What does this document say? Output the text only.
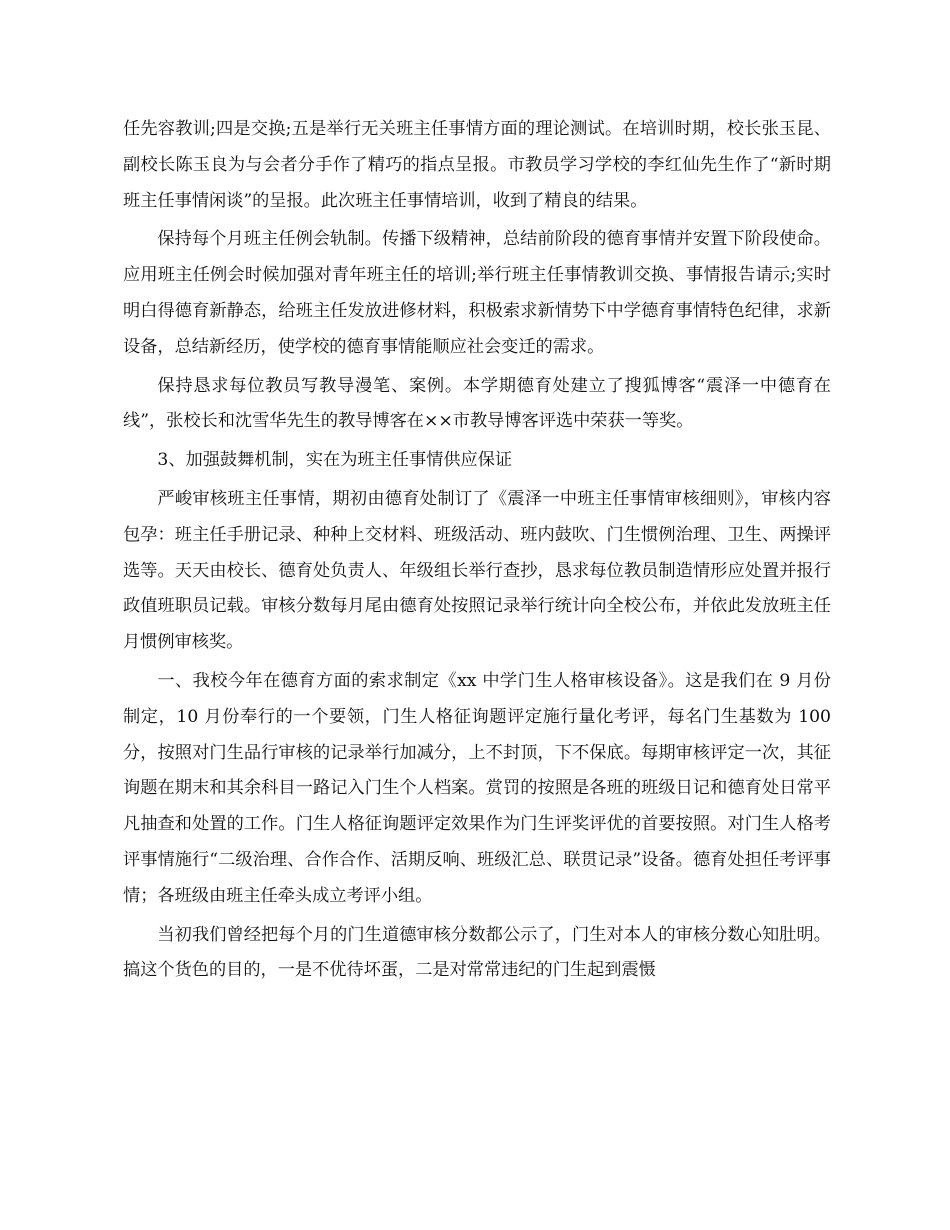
任先容教训;四是交换;五是举行无关班主任事情方面的理论测试。在培训时期，校长张玉昆、副校长陈玉良为与会者分手作了精巧的指点呈报。市教员学习学校的李红仙先生作了“新时期班主任事情闲谈”的呈报。此次班主任事情培训，收到了精良的结果。

保持每个月班主任例会轨制。传播下级精神，总结前阶段的德育事情并安置下阶段使命。应用班主任例会时候加强对青年班主任的培训;举行班主任事情教训交换、事情报告请示;实时明白得德育新静态，给班主任发放进修材料，积极索求新情势下中学德育事情特色纪律，求新设备，总结新经历，使学校的德育事情能顺应社会变迁的需求。

保持恳求每位教员写教导漫笔、案例。本学期德育处建立了搜狐博客“震泽一中德育在线”，张校长和沈雪华先生的教导博客在××市教导博客评选中荣获一等奖。

3、加强鼓舞机制，实在为班主任事情供应保证

严峻审核班主任事情，期初由德育处制订了《震泽一中班主任事情审核细则》，审核内容包孕：班主任手册记录、种种上交材料、班级活动、班内鼓吹、门生惯例治理、卫生、两操评选等。天天由校长、德育处负责人、年级组长举行查抄，恳求每位教员制造情形应处置并报行政值班职员记载。审核分数每月尾由德育处按照记录举行统计向全校公布，并依此发放班主任月惯例审核奖。

一、我校今年在德育方面的索求制定《xx 中学门生人格审核设备》。这是我们在 9 月份制定，10 月份奉行的一个要领，门生人格征询题评定施行量化考评，每名门生基数为 100 分，按照对门生品行审核的记录举行加减分，上不封顶，下不保底。每期审核评定一次，其征询题在期末和其余科目一路记入门生个人档案。赏罚的按照是各班的班级日记和德育处日常平凡抽查和处置的工作。门生人格征询题评定效果作为门生评奖评优的首要按照。对门生人格考评事情施行“二级治理、合作合作、活期反响、班级汇总、联贯记录”设备。德育处担任考评事情；各班级由班主任牵头成立考评小组。

当初我们曾经把每个月的门生道德审核分数都公示了，门生对本人的审核分数心知肚明。搞这个货色的目的，一是不优待坏蛋，二是对常常违纪的门生起到震慑
